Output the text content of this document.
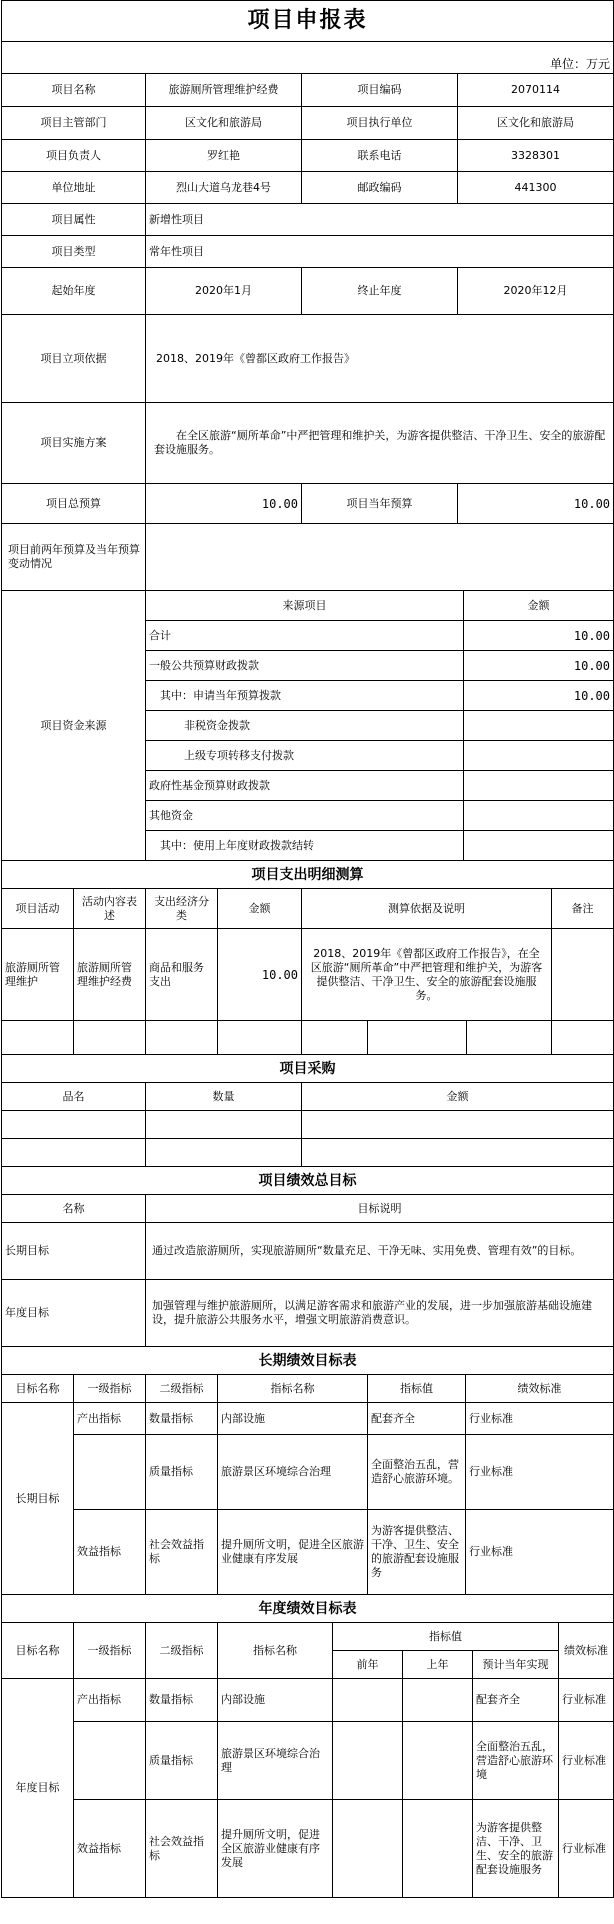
项目申报表			
单位：万元			
项目名称	旅游厕所管理维护经费	项目编码	2070114
项目主管部门	区文化和旅游局	项目执行单位	区文化和旅游局
项目负责人	罗红艳	联系电话	3328301
单位地址	烈山大道乌龙巷4号	邮政编码	441300
项目属性	新增性项目		
项目类型	常年性项目		
起始年度	2020年1月	终止年度	2020年12月
项目立项依据	2018、2019年《曾都区政府工作报告》		
项目实施方案	在全区旅游“厕所革命”中严把管理和维护关，为游客提供整洁、干净卫生、安全的旅游配套设施服务。		
项目总预算	10.00	项目当年预算	10.00
项目前两年预算及当年预算变动情况			
项目资金来源	来源项目	金额
	合计	10.00
	一般公共预算财政拨款	10.00
	其中：申请当年预算拨款	10.00
	非税资金拨款	
	上级专项转移支付拨款	
	政府性基金预算财政拨款	
	其他资金	
	其中：使用上年度财政拨款结转	
项目支出明细测算							
项目活动	活动内容表述	支出经济分类	金额	测算依据及说明			备注
旅游厕所管理维护	旅游厕所管理维护经费	商品和服务支出	10.00	2018、2019年《曾都区政府工作报告》，在全区旅游“厕所革命”中严把管理和维护关，为游客提供整洁、干净卫生、安全的旅游配套设施服务。			

项目采购		
品名	数量	金额

项目绩效总目标	
名称	目标说明
长期目标	通过改造旅游厕所，实现旅游厕所“数量充足、干净无味、实用免费、管理有效”的目标。
年度目标	加强管理与维护旅游厕所，以满足游客需求和旅游产业的发展，进一步加强旅游基础设施建设，提升旅游公共服务水平，增强文明旅游消费意识。
长期绩效目标表					
目标名称	一级指标	二级指标	指标名称	指标值	绩效标准
长期目标	产出指标	数量指标	内部设施	配套齐全	行业标准
		质量指标	旅游景区环境综合治理	全面整治五乱，营造舒心旅游环境。	行业标准
	效益指标	社会效益指标	提升厕所文明，促进全区旅游业健康有序发展	为游客提供整洁、干净、卫生、安全的旅游配套设施服务	行业标准
年度绩效目标表							
目标名称	一级指标	二级指标	指标名称	指标值			绩效标准
				前年	上年	预计当年实现	
年度目标	产出指标	数量指标	内部设施			配套齐全	行业标准
		质量指标	旅游景区环境综合治理			全面整治五乱，营造舒心旅游环境	行业标准
	效益指标	社会效益指标	提升厕所文明，促进全区旅游业健康有序发展			为游客提供整洁、干净、卫生、安全的旅游配套设施服务	行业标准
